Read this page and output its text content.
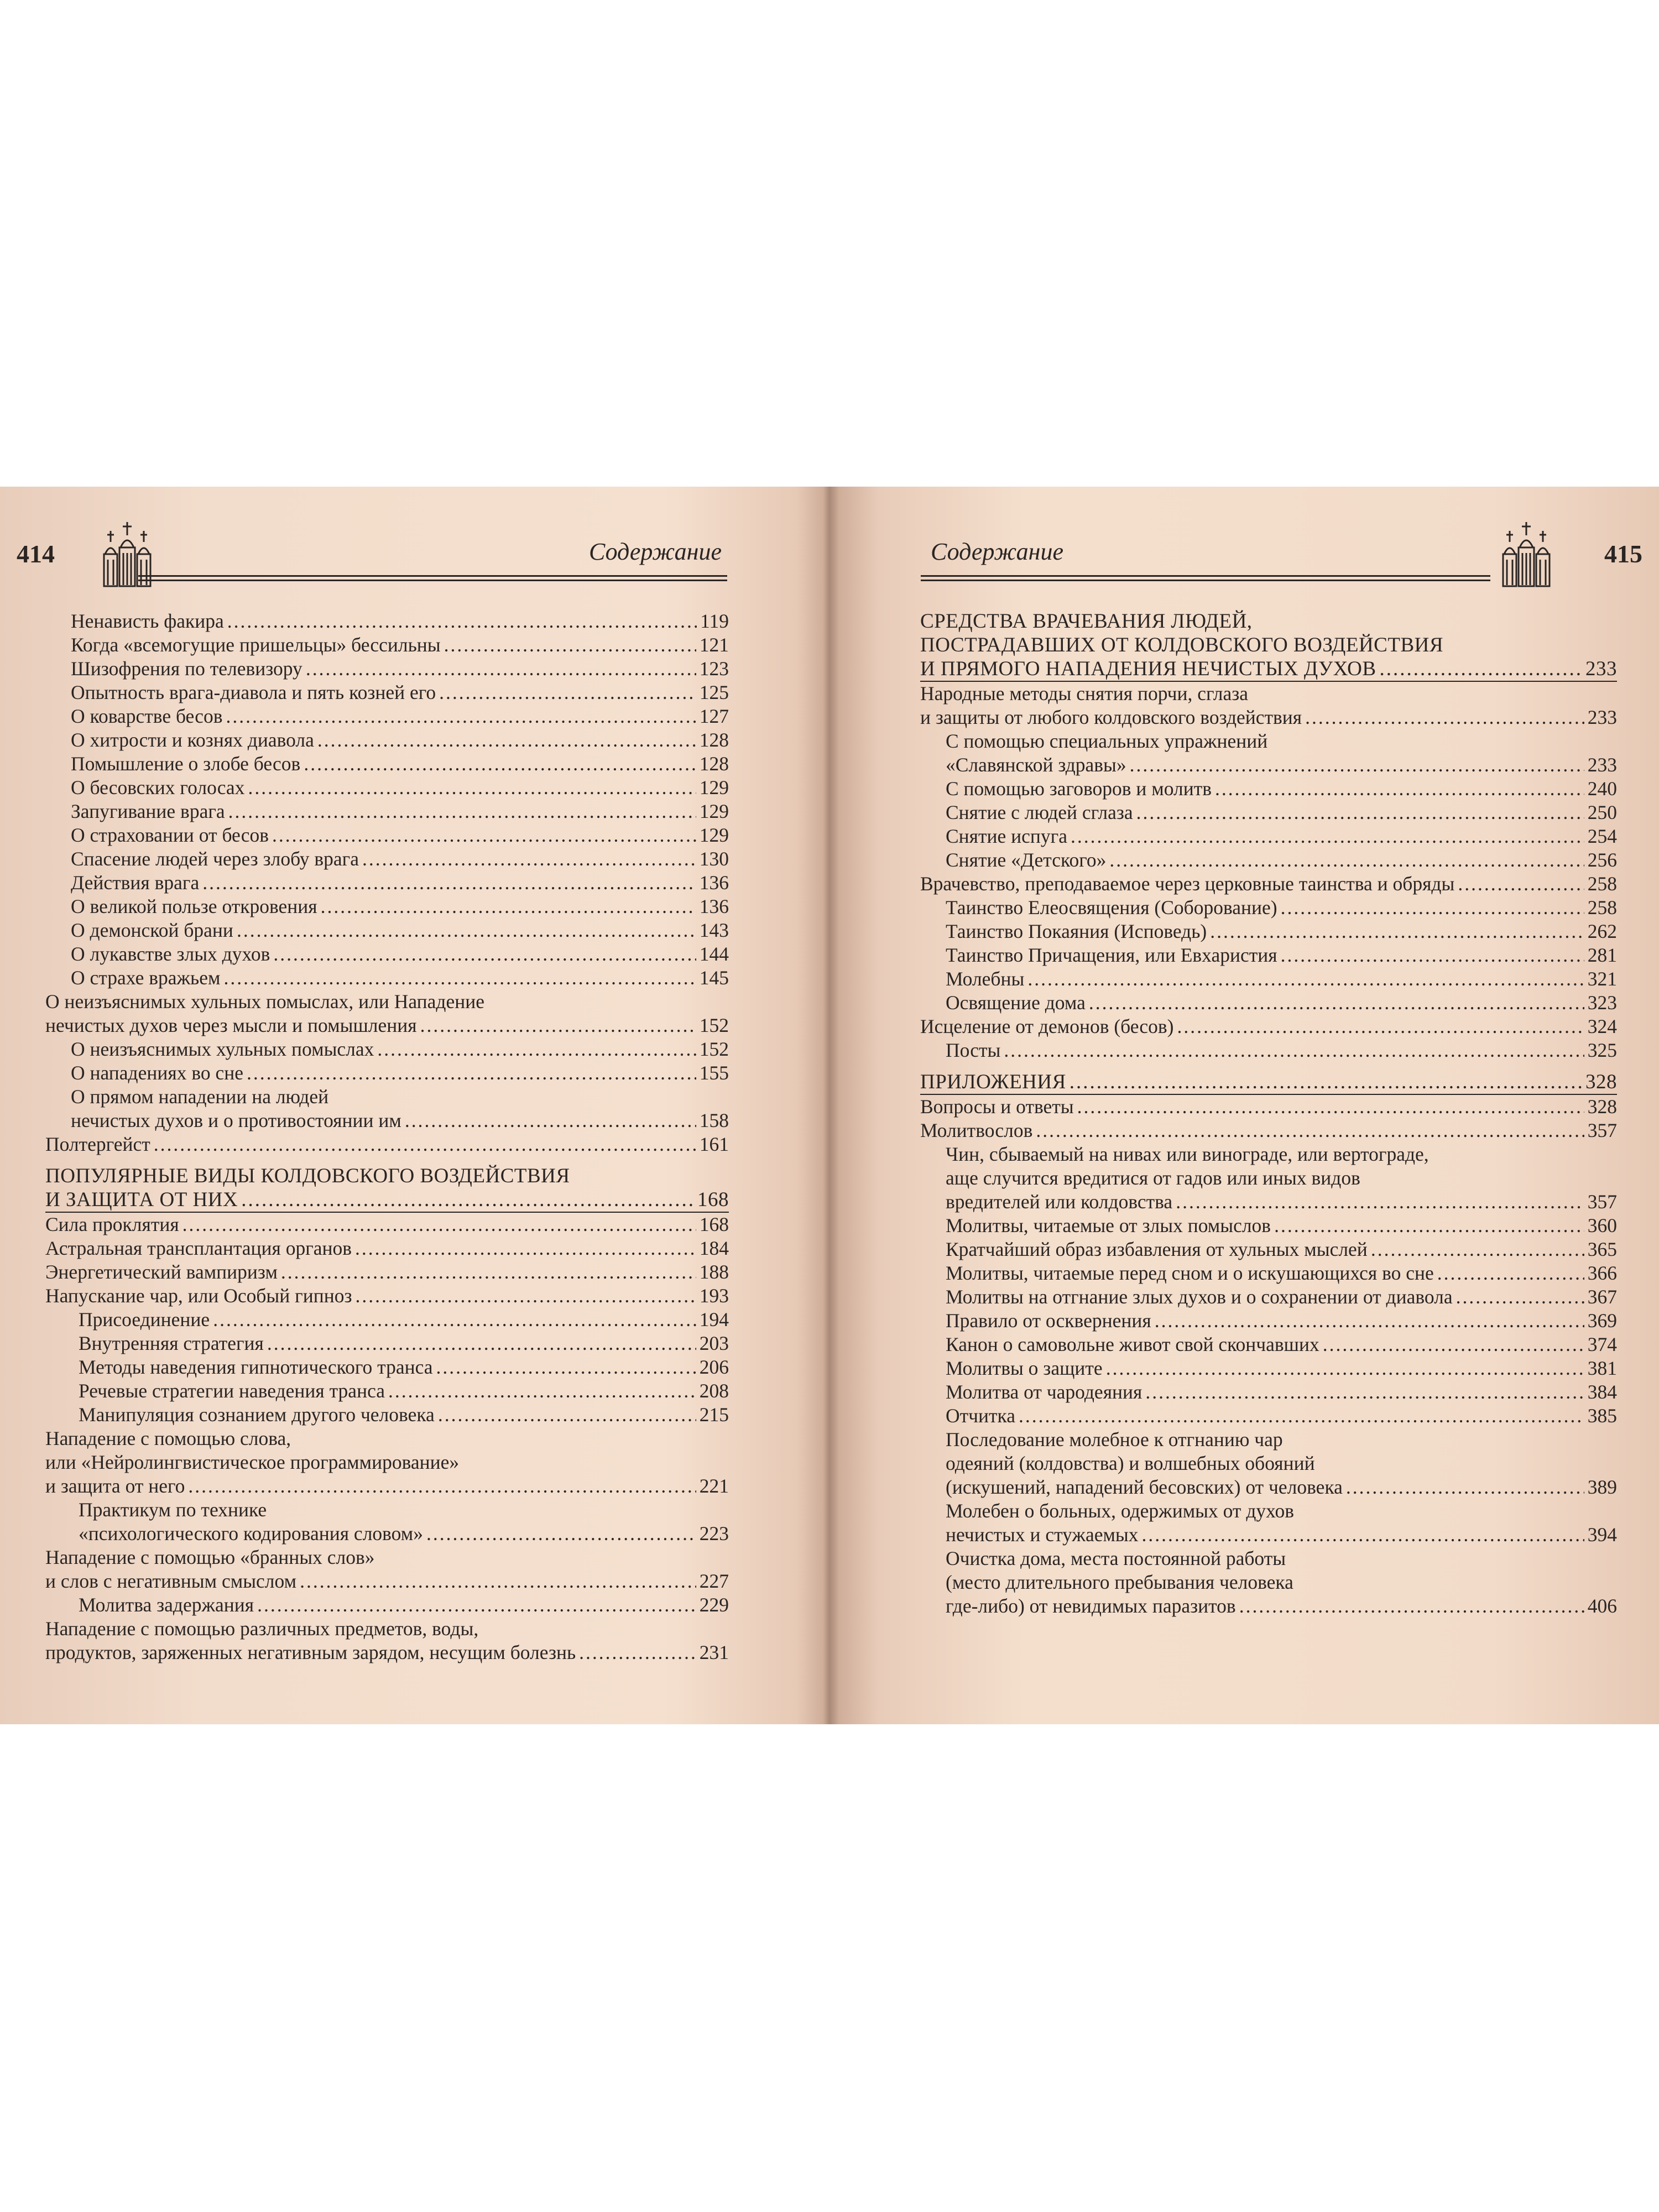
414	Содержание
Ненависть факира .....	119
Когда «всемогущие пришельцы» бессильны .....	121
Шизофрения по телевизору .....	123
Опытность врага-диавола и пять козней его .....	125
О коварстве бесов .....	127
О хитрости и кознях диавола .....	128
Помышление о злобе бесов .....	128
О бесовских голосах .....	129
Запугивание врага .....	129
О страховании от бесов .....	129
Спасение людей через злобу врага .....	130
Действия врага .....	136
О великой пользе откровения .....	136
О демонской брани .....	143
О лукавстве злых духов .....	144
О страхе вражьем .....	145
О неизъяснимых хульных помыслах, или Нападение
нечистых духов через мысли и помышления .....	152
О неизъяснимых хульных помыслах .....	152
О нападениях во сне .....	155
О прямом нападении на людей
нечистых духов и о противостоянии им .....	158
Полтергейст .....	161
ПОПУЛЯРНЫЕ ВИДЫ КОЛДОВСКОГО ВОЗДЕЙСТВИЯ
И ЗАЩИТА ОТ НИХ .....	168
Сила проклятия .....	168
Астральная трансплантация органов .....	184
Энергетический вампиризм .....	188
Напускание чар, или Особый гипноз .....	193
Присоединение .....	194
Внутренняя стратегия .....	203
Методы наведения гипнотического транса .....	206
Речевые стратегии наведения транса .....	208
Манипуляция сознанием другого человека .....	215
Нападение с помощью слова,
или «Нейролингвистическое программирование»
и защита от него .....	221
Практикум по технике
«психологического кодирования словом» .....	223
Нападение с помощью «бранных слов»
и слов с негативным смыслом .....	227
Молитва задержания .....	229
Нападение с помощью различных предметов, воды,
продуктов, заряженных негативным зарядом, несущим болезнь .....	231
Содержание	415
СРЕДСТВА ВРАЧЕВАНИЯ ЛЮДЕЙ,
ПОСТРАДАВШИХ ОТ КОЛДОВСКОГО ВОЗДЕЙСТВИЯ
И ПРЯМОГО НАПАДЕНИЯ НЕЧИСТЫХ ДУХОВ .....	233
Народные методы снятия порчи, сглаза
и защиты от любого колдовского воздействия .....	233
С помощью специальных упражнений
«Славянской здравы» .....	233
С помощью заговоров и молитв .....	240
Снятие с людей сглаза .....	250
Снятие испуга .....	254
Снятие «Детского» .....	256
Врачевство, преподаваемое через церковные таинства и обряды .....	258
Таинство Елеосвящения (Соборование) .....	258
Таинство Покаяния (Исповедь) .....	262
Таинство Причащения, или Евхаристия .....	281
Молебны .....	321
Освящение дома .....	323
Исцеление от демонов (бесов) .....	324
Посты .....	325
ПРИЛОЖЕНИЯ .....	328
Вопросы и ответы .....	328
Молитвослов .....	357
Чин, сбываемый на нивах или винограде, или вертограде,
аще случится вредитися от гадов или иных видов
вредителей или колдовства .....	357
Молитвы, читаемые от злых помыслов .....	360
Кратчайший образ избавления от хульных мыслей .....	365
Молитвы, читаемые перед сном и о искушающихся во сне .....	366
Молитвы на отгнание злых духов и о сохранении от диавола .....	367
Правило от осквернения .....	369
Канон о самовольне живот свой скончавших .....	374
Молитвы о защите .....	381
Молитва от чародеяния .....	384
Отчитка .....	385
Последование молебное к отгнанию чар
одеяний (колдовства) и волшебных обояний
(искушений, нападений бесовских) от человека .....	389
Молебен о больных, одержимых от духов
нечистых и стужаемых .....	394
Очистка дома, места постоянной работы
(место длительного пребывания человека
где-либо) от невидимых паразитов .....	406
